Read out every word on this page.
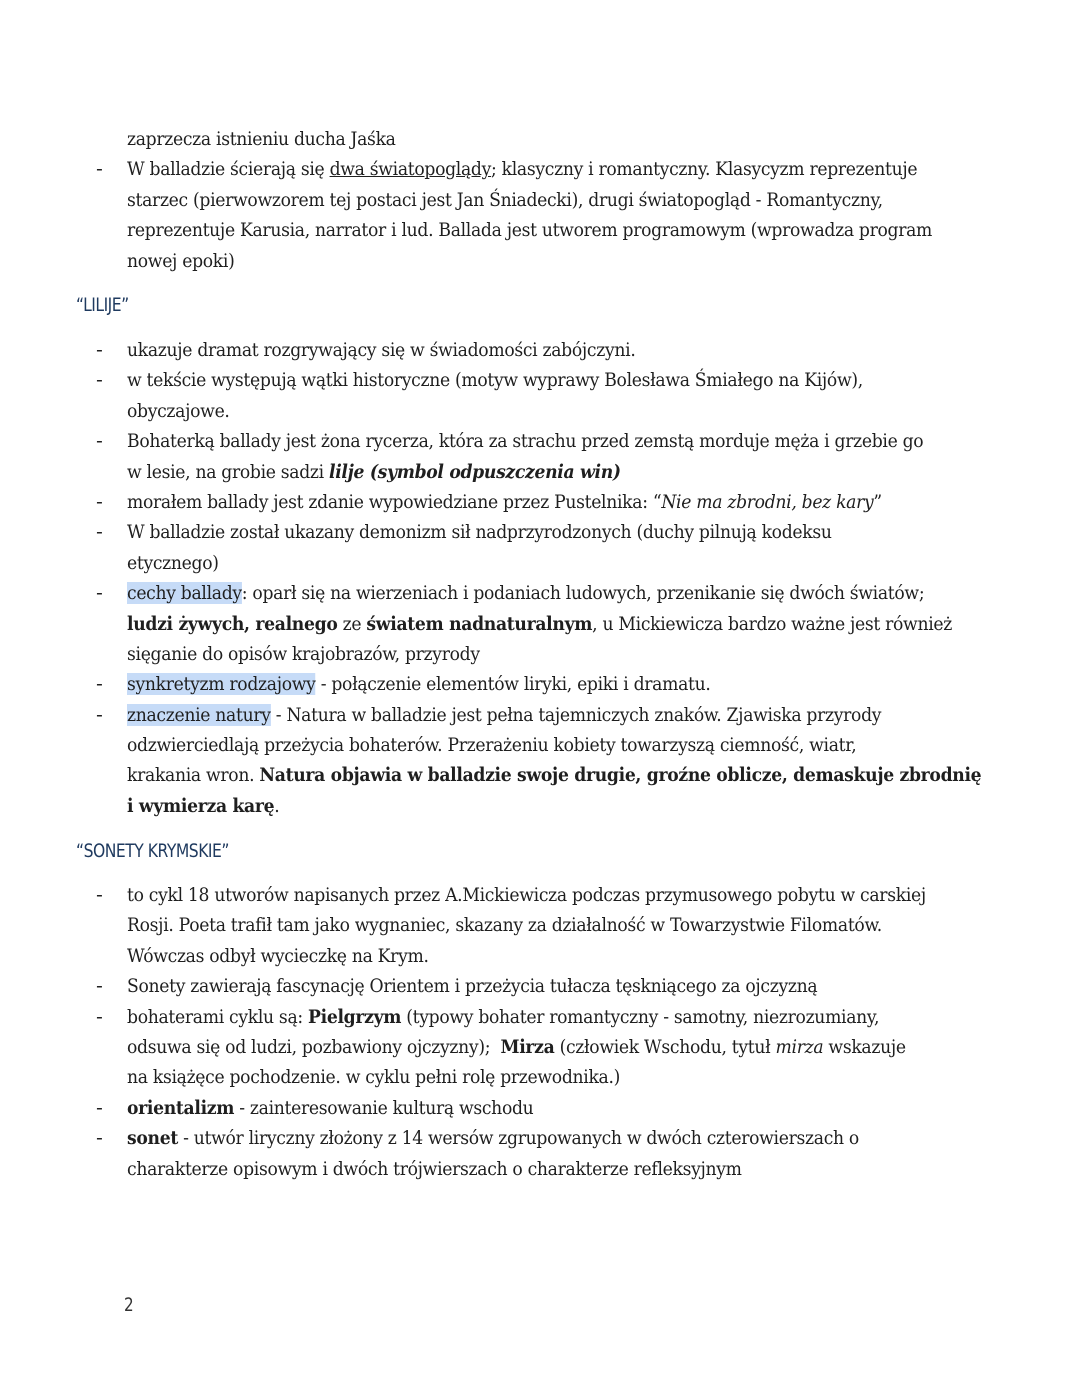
zaprzecza istnieniu ducha Jaśka
- W balladzie ścierają się dwa światopoglądy; klasyczny i romantyczny. Klasycyzm reprezentuje
starzec (pierwowzorem tej postaci jest Jan Śniadecki), drugi światopogląd - Romantyczny,
reprezentuje Karusia, narrator i lud. Ballada jest utworem programowym (wprowadza program
nowej epoki)
“LILIJE”
- ukazuje dramat rozgrywający się w świadomości zabójczyni.
- w tekście występują wątki historyczne (motyw wyprawy Bolesława Śmiałego na Kijów),
obyczajowe.
- Bohaterką ballady jest żona rycerza, która za strachu przed zemstą morduje męża i grzebie go
w lesie, na grobie sadzi lilje (symbol odpuszczenia win)
- morałem ballady jest zdanie wypowiedziane przez Pustelnika: “Nie ma zbrodni, bez kary”
- W balladzie został ukazany demonizm sił nadprzyrodzonych (duchy pilnują kodeksu
etycznego)
- cechy ballady: oparł się na wierzeniach i podaniach ludowych, przenikanie się dwóch światów;
ludzi żywych, realnego ze światem nadnaturalnym, u Mickiewicza bardzo ważne jest również
sięganie do opisów krajobrazów, przyrody
- synkretyzm rodzajowy - połączenie elementów liryki, epiki i dramatu.
- znaczenie natury - Natura w balladzie jest pełna tajemniczych znaków. Zjawiska przyrody
odzwierciedlają przeżycia bohaterów. Przerażeniu kobiety towarzyszą ciemność, wiatr,
krakania wron. Natura objawia w balladzie swoje drugie, groźne oblicze, demaskuje zbrodnię
i wymierza karę.
“SONETY KRYMSKIE”
- to cykl 18 utworów napisanych przez A.Mickiewicza podczas przymusowego pobytu w carskiej
Rosji. Poeta trafił tam jako wygnaniec, skazany za działalność w Towarzystwie Filomatów.
Wówczas odbył wycieczkę na Krym.
- Sonety zawierają fascynację Orientem i przeżycia tułacza tęskniącego za ojczyzną
- bohaterami cyklu są: Pielgrzym (typowy bohater romantyczny - samotny, niezrozumiany,
odsuwa się od ludzi, pozbawiony ojczyzny);  Mirza (człowiek Wschodu, tytuł mirza wskazuje
na książęce pochodzenie. w cyklu pełni rolę przewodnika.)
- orientalizm - zainteresowanie kulturą wschodu
- sonet - utwór liryczny złożony z 14 wersów zgrupowanych w dwóch czterowierszach o
charakterze opisowym i dwóch trójwierszach o charakterze refleksyjnym
2
